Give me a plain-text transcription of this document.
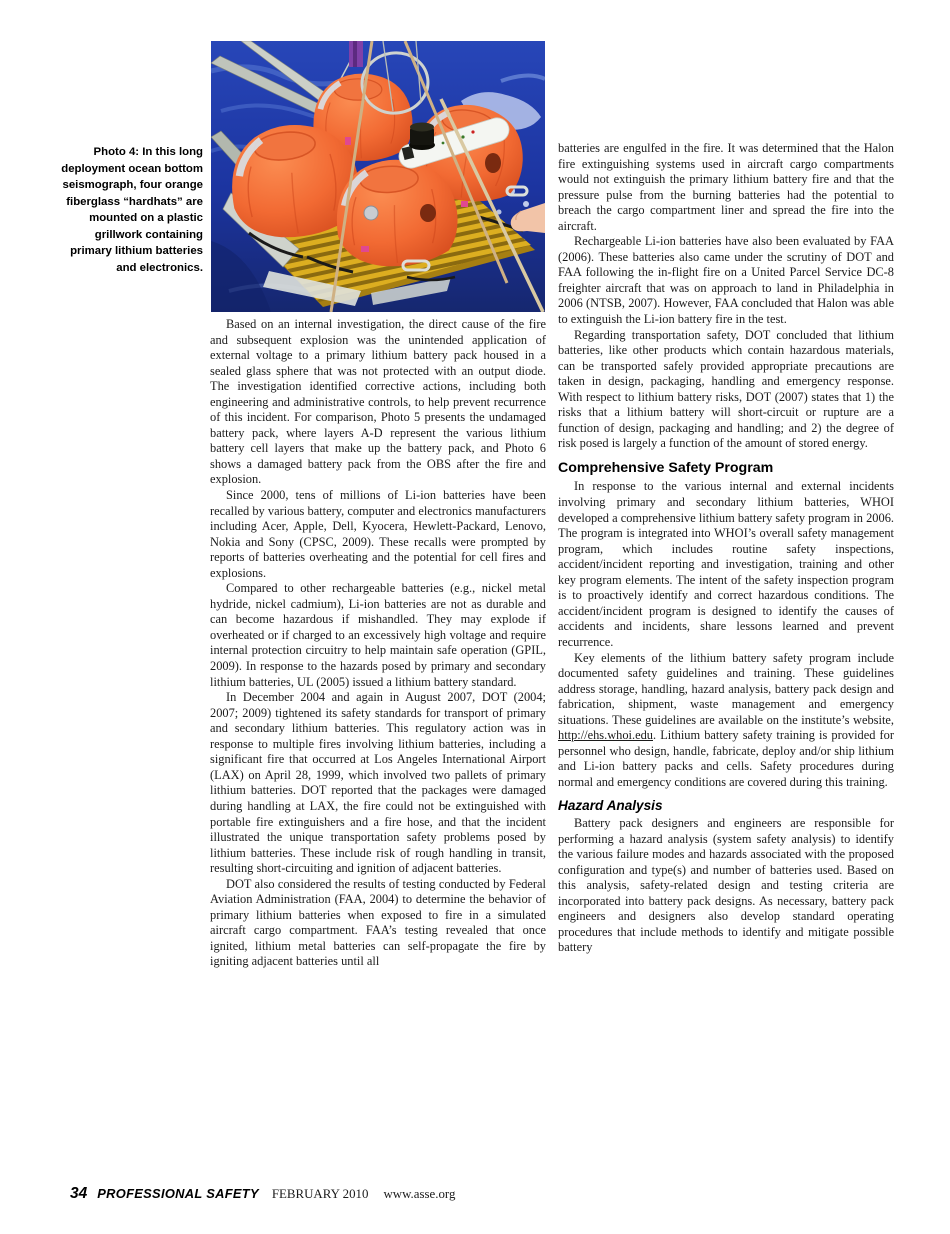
Photo 4: In this long deployment ocean bottom seismograph, four orange fiberglass “hardhats” are mounted on a plastic grillwork containing primary lithium batteries and electronics.

Based on an internal investigation, the direct cause of the fire and subsequent explosion was the unintended application of external voltage to a primary lithium battery pack housed in a sealed glass sphere that was not protected with an output diode. The investigation identified corrective actions, including both engineering and administrative controls, to help prevent recurrence of this incident. For comparison, Photo 5 presents the undamaged battery pack, where layers A-D represent the various lithium battery cell layers that make up the battery pack, and Photo 6 shows a damaged battery pack from the OBS after the fire and explosion.

Since 2000, tens of millions of Li-ion batteries have been recalled by various battery, computer and electronics manufacturers including Acer, Apple, Dell, Kyocera, Hewlett-Packard, Lenovo, Nokia and Sony (CPSC, 2009). These recalls were prompted by reports of batteries overheating and the potential for cell fires and explosions.

Compared to other rechargeable batteries (e.g., nickel metal hydride, nickel cadmium), Li-ion batteries are not as durable and can become hazardous if mishandled. They may explode if overheated or if charged to an excessively high voltage and require internal protection circuitry to help maintain safe operation (GPIL, 2009). In response to the hazards posed by primary and secondary lithium batteries, UL (2005) issued a lithium battery standard.

In December 2004 and again in August 2007, DOT (2004; 2007; 2009) tightened its safety standards for transport of primary and secondary lithium batteries. This regulatory action was in response to multiple fires involving lithium batteries, including a significant fire that occurred at Los Angeles International Airport (LAX) on April 28, 1999, which involved two pallets of primary lithium batteries. DOT reported that the packages were damaged during handling at LAX, the fire could not be extinguished with portable fire extinguishers and a fire hose, and that the incident illustrated the unique transportation safety problems posed by lithium batteries. These include risk of rough handling in transit, resulting short-circuiting and ignition of adjacent batteries.

DOT also considered the results of testing conducted by Federal Aviation Administration (FAA, 2004) to determine the behavior of primary lithium batteries when exposed to fire in a simulated aircraft cargo compartment. FAA’s testing revealed that once ignited, lithium metal batteries can self-propagate the fire by igniting adjacent batteries until all

batteries are engulfed in the fire. It was determined that the Halon fire extinguishing systems used in aircraft cargo compartments would not extinguish the primary lithium battery fire and that the pressure pulse from the burning batteries had the potential to breach the cargo compartment liner and spread the fire into the aircraft.

Rechargeable Li-ion batteries have also been evaluated by FAA (2006). These batteries also came under the scrutiny of DOT and FAA following the in-flight fire on a United Parcel Service DC-8 freighter aircraft that was on approach to land in Philadelphia in 2006 (NTSB, 2007). However, FAA concluded that Halon was able to extinguish the Li-ion battery fire in the test.

Regarding transportation safety, DOT concluded that lithium batteries, like other products which contain hazardous materials, can be transported safely provided appropriate precautions are taken in design, packaging, handling and emergency response. With respect to lithium battery risks, DOT (2007) states that 1) the risks that a lithium battery will short-circuit or rupture are a function of design, packaging and handling; and 2) the degree of risk posed is largely a function of the amount of stored energy.

Comprehensive Safety Program

In response to the various internal and external incidents involving primary and secondary lithium batteries, WHOI developed a comprehensive lithium battery safety program in 2006. The program is integrated into WHOI’s overall safety management program, which includes routine safety inspections, accident/incident reporting and investigation, training and other key program elements. The intent of the safety inspection program is to proactively identify and correct hazardous conditions. The accident/incident program is designed to identify the causes of accidents and incidents, share lessons learned and prevent recurrence.

Key elements of the lithium battery safety program include documented safety guidelines and training. These guidelines address storage, handling, hazard analysis, battery pack design and fabrication, shipment, waste management and emergency situations. These guidelines are available on the institute’s website, http://ehs.whoi.edu. Lithium battery safety training is provided for personnel who design, handle, fabricate, deploy and/or ship lithium and Li-ion battery packs and cells. Safety procedures during normal and emergency conditions are covered during this training.

Hazard Analysis

Battery pack designers and engineers are responsible for performing a hazard analysis (system safety analysis) to identify the various failure modes and hazards associated with the proposed configuration and type(s) and number of batteries used. Based on this analysis, safety-related design and testing criteria are incorporated into battery pack designs. As necessary, battery pack engineers and designers also develop standard operating procedures that include methods to identify and mitigate possible battery

34 PROFESSIONAL SAFETY FEBRUARY 2010 www.asse.org
